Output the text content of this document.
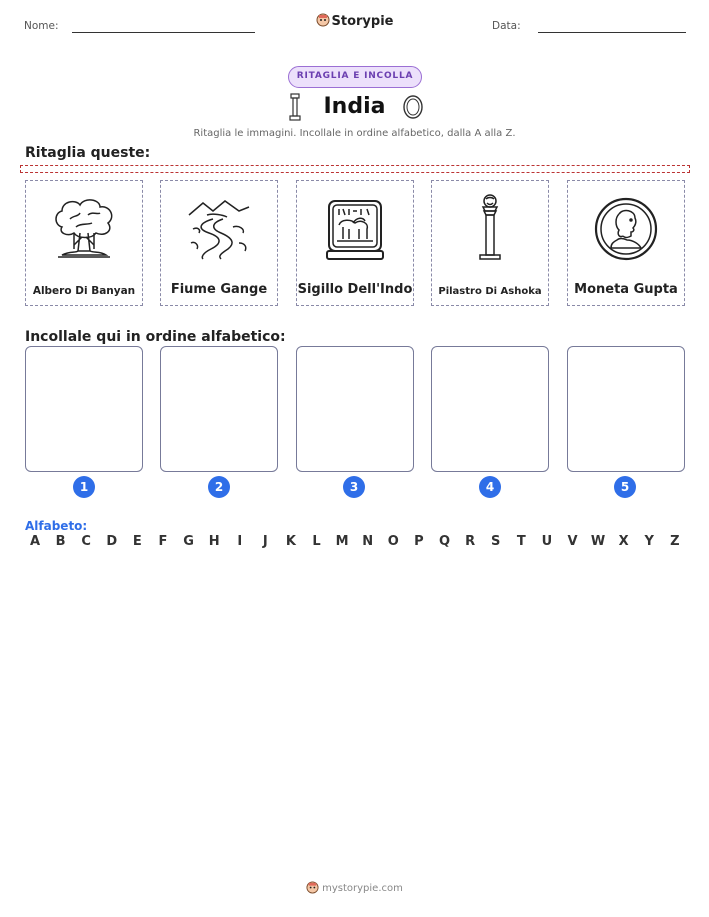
Nome:	Storypie	Data:
RITAGLIA E INCOLLA
India
Ritaglia le immagini. Incollale in ordine alfabetico, dalla A alla Z.
Ritaglia queste:
Albero Di Banyan	Fiume Gange	Sigillo Dell'Indo	Pilastro Di Ashoka	Moneta Gupta
Incollale qui in ordine alfabetico:
1	2	3	4	5
Alfabeto:
A	B	C	D	E	F	G	H	I	J	K	L	M	N	O	P	Q	R	S	T	U	V	W	X	Y	Z
mystorypie.com
